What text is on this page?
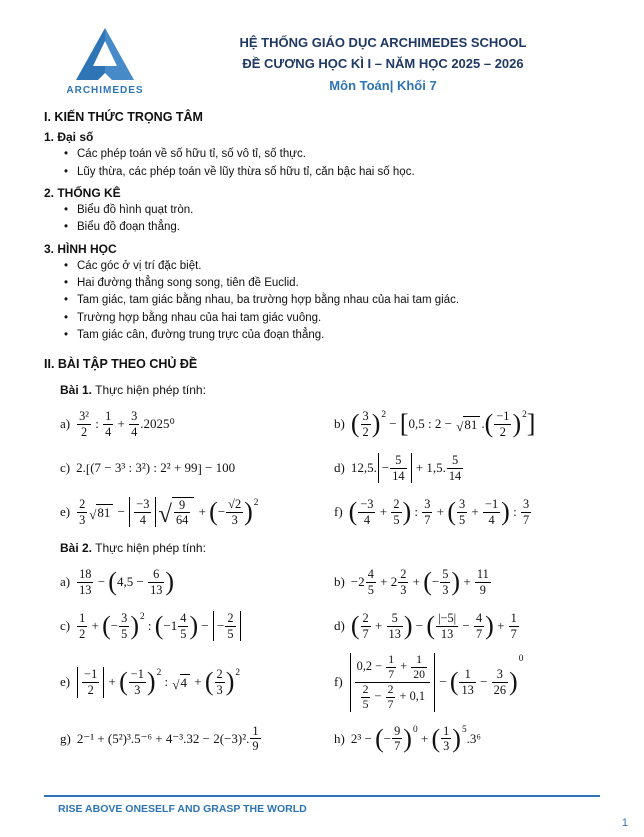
ARCHIMEDES
HỆ THỐNG GIÁO DỤC ARCHIMEDES SCHOOL
ĐỀ CƯƠNG HỌC KÌ I – NĂM HỌC 2025 – 2026
Môn Toán| Khối 7
I. KIẾN THỨC TRỌNG TÂM
1. Đại số
• Các phép toán về số hữu tỉ, số vô tỉ, số thực.
• Lũy thừa, các phép toán về lũy thừa số hữu tỉ, căn bậc hai số học.
2. THỐNG KÊ
• Biểu đồ hình quạt tròn.
• Biểu đồ đoạn thẳng.
3. HÌNH HỌC
• Các góc ở vị trí đặc biệt.
• Hai đường thẳng song song, tiên đề Euclid.
• Tam giác, tam giác bằng nhau, ba trường hợp bằng nhau của hai tam giác.
• Trường hợp bằng nhau của hai tam giác vuông.
• Tam giác cân, đường trung trực của đoạn thẳng.
II. BÀI TẬP THEO CHỦ ĐỀ

Bài 1. Thực hiện phép tính:

a)
3²
2
:
1
4
+
3
4
.2025⁰	b) ( 3
2 ) 2
− [ 0,5 : 2 − √ 81 . ( −1
2 ) 2 ]
c) 2. [ (7 − 3³ : 3²) : 2² + 99 ] − 100	d) 12,5. −
5
14
+ 1,5.
5
14
e)
2
3 √ 81 −
−3
4 √ 9
64
+ ( −
√2
3 ) 2
f) ( −3
4
+
2
5 ) :
3
7
+ ( 3
5
+
−1
4 ) :
3
7

Bài 2. Thực hiện phép tính:

a)
18
13
− ( 4,5 −
6
13 )	b) −2
4
5
+ 2
2
3
+ ( −
5
3 ) +
11
9
c)
1
2
+ ( −
3
5 ) 2
: ( −1
4
5 ) − −
2
5
d) ( 2
7
+
5
13 ) − ( |−5|
13
−
4
7 ) +
1
7
e)
−1
2
+ ( −1
3 ) 2
: √ 4 + ( 2
3 ) 2
f)
$0,2 - \frac{1}{7} + \frac{1}{20}$
$\frac{2}{5} - \frac{2}{7} + 0,1$
− ( 1
13
−
3
26 )
0
g) 2⁻¹ + (5²)³.5⁻⁶ + 4⁻³.32 − 2(−3)².
1
9
h) 2³ − ( −
9
7 ) 0
+ ( 1
3 ) 5
.3⁶
RISE ABOVE ONESELF AND GRASP THE WORLD
1
